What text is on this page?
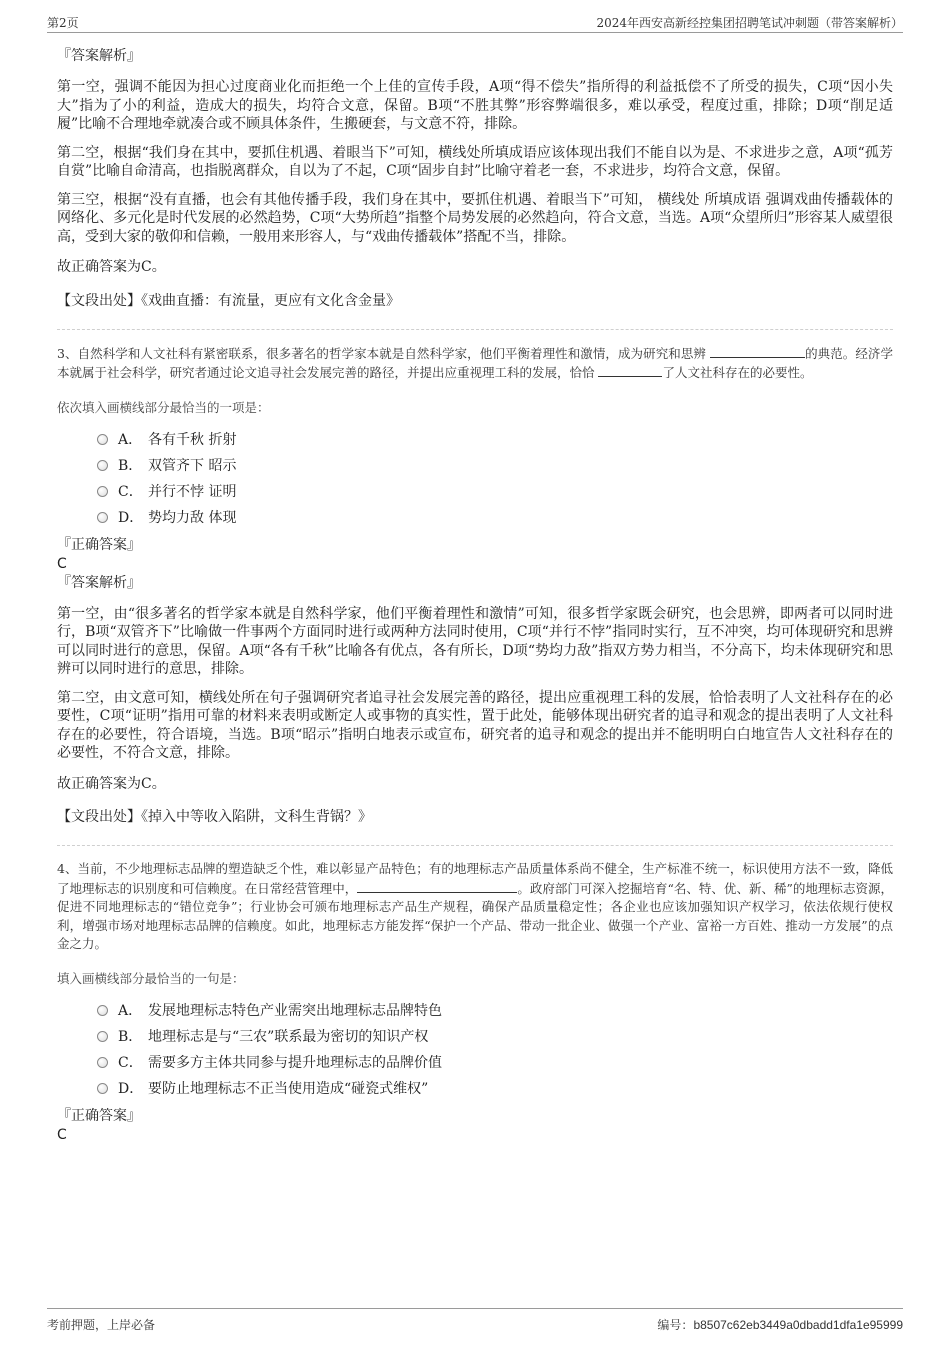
第2页	2024年西安高新经控集团招聘笔试冲刺题（带答案解析）

『答案解析』

第一空，强调不能因为担心过度商业化而拒绝一个上佳的宣传手段，A项“得不偿失”指所得的利益抵偿不了所受的损失，C项“因小失大”指为了小的利益，造成大的损失，均符合文意，保留。B项“不胜其弊”形容弊端很多，难以承受，程度过重，排除；D项“削足适履”比喻不合理地牵就凑合或不顾具体条件，生搬硬套，与文意不符，排除。

第二空，根据“我们身在其中，要抓住机遇、着眼当下”可知，横线处所填成语应该体现出我们不能自以为是、不求进步之意，A项“孤芳自赏”比喻自命清高，也指脱离群众，自以为了不起，C项“固步自封”比喻守着老一套，不求进步，均符合文意，保留。

第三空，根据“没有直播，也会有其他传播手段，我们身在其中，要抓住机遇、着眼当下”可知， 横线处 所填成语 强调戏曲传播载体的网络化、多元化是时代发展的必然趋势，C项“大势所趋”指整个局势发展的必然趋向，符合文意，当选。A项“众望所归”形容某人威望很高，受到大家的敬仰和信赖，一般用来形容人，与“戏曲传播载体”搭配不当，排除。

故正确答案为C。

【文段出处】《戏曲直播：有流量，更应有文化含金量》

3、自然科学和人文社科有紧密联系，很多著名的哲学家本就是自然科学家，他们平衡着理性和激情，成为研究和思辨	的典范。经济学本就属于社会科学，研究者通过论文追寻社会发展完善的路径，并提出应重视理工科的发展，恰恰	了人文社科存在的必要性。

依次填入画横线部分最恰当的一项是：

A． 各有千秋 折射
B． 双管齐下 昭示
C． 并行不悖 证明
D． 势均力敌 体现

『正确答案』

C

『答案解析』

第一空，由“很多著名的哲学家本就是自然科学家，他们平衡着理性和激情”可知，很多哲学家既会研究，也会思辨，即两者可以同时进行，B项“双管齐下”比喻做一件事两个方面同时进行或两种方法同时使用，C项“并行不悖”指同时实行，互不冲突，均可体现研究和思辨可以同时进行的意思，保留。A项“各有千秋”比喻各有优点，各有所长，D项“势均力敌”指双方势力相当，不分高下，均未体现研究和思辨可以同时进行的意思，排除。

第二空，由文意可知，横线处所在句子强调研究者追寻社会发展完善的路径，提出应重视理工科的发展，恰恰表明了人文社科存在的必要性，C项“证明”指用可靠的材料来表明或断定人或事物的真实性，置于此处，能够体现出研究者的追寻和观念的提出表明了人文社科存在的必要性，符合语境，当选。B项“昭示”指明白地表示或宣布，研究者的追寻和观念的提出并不能明明白白地宣告人文社科存在的必要性，不符合文意，排除。

故正确答案为C。

【文段出处】《掉入中等收入陷阱，文科生背锅？》

4、当前，不少地理标志品牌的塑造缺乏个性，难以彰显产品特色；有的地理标志产品质量体系尚不健全，生产标准不统一，标识使用方法不一致，降低了地理标志的识别度和可信赖度。在日常经营管理中，	。政府部门可深入挖掘培育“名、特、优、新、稀”的地理标志资源，促进不同地理标志的“错位竞争”；行业协会可颁布地理标志产品生产规程，确保产品质量稳定性；各企业也应该加强知识产权学习，依法依规行使权利，增强市场对地理标志品牌的信赖度。如此，地理标志方能发挥“保护一个产品、带动一批企业、做强一个产业、富裕一方百姓、推动一方发展”的点金之力。

填入画横线部分最恰当的一句是：

A． 发展地理标志特色产业需突出地理标志品牌特色
B． 地理标志是与“三农”联系最为密切的知识产权
C． 需要多方主体共同参与提升地理标志的品牌价值
D． 要防止地理标志不正当使用造成“碰瓷式维权”

『正确答案』

C

考前押题，上岸必备	编号：b8507c62eb3449a0dbadd1dfa1e95999
